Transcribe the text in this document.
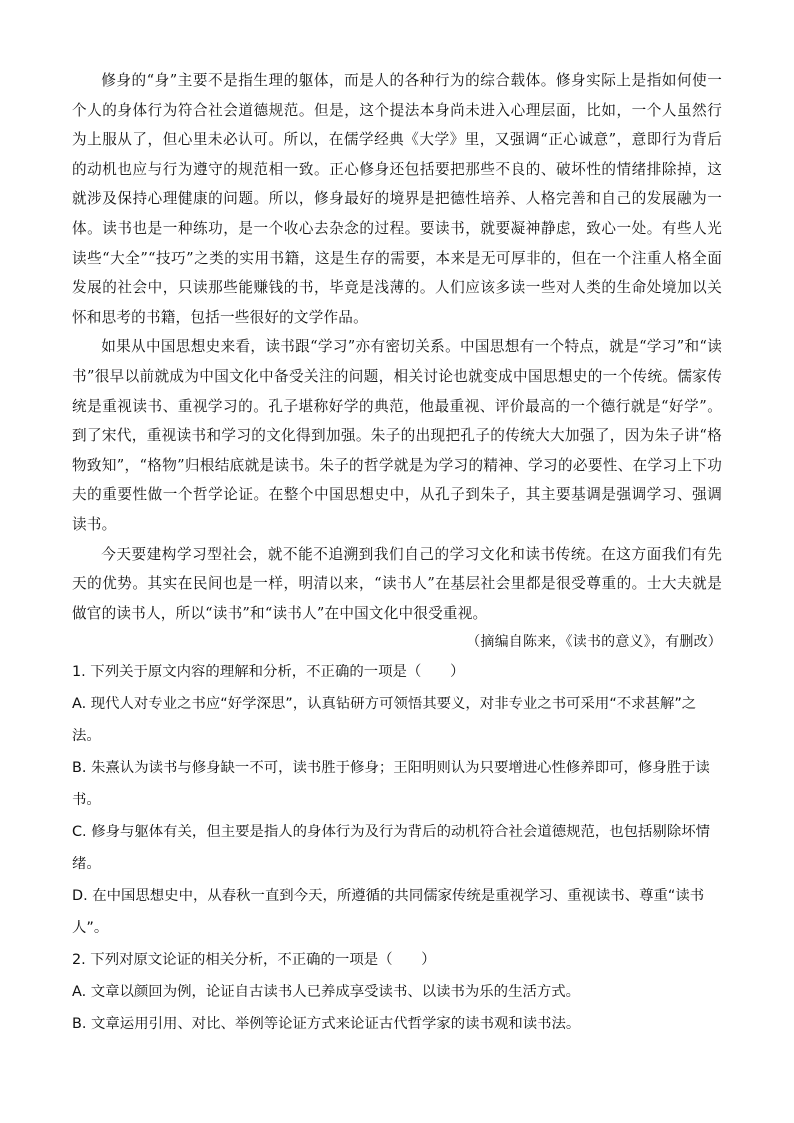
修身的“身”主要不是指生理的躯体，而是人的各种行为的综合载体。修身实际上是指如何使一个人的身体行为符合社会道德规范。但是，这个提法本身尚未进入心理层面，比如，一个人虽然行为上服从了，但心里未必认可。所以，在儒学经典《大学》里，又强调“正心诚意”，意即行为背后的动机也应与行为遵守的规范相一致。正心修身还包括要把那些不良的、破坏性的情绪排除掉，这就涉及保持心理健康的问题。所以，修身最好的境界是把德性培养、人格完善和自己的发展融为一体。读书也是一种练功，是一个收心去杂念的过程。要读书，就要凝神静虑，致心一处。有些人光读些“大全”“技巧”之类的实用书籍，这是生存的需要，本来是无可厚非的，但在一个注重人格全面发展的社会中，只读那些能赚钱的书，毕竟是浅薄的。人们应该多读一些对人类的生命处境加以关怀和思考的书籍，包括一些很好的文学作品。

如果从中国思想史来看，读书跟“学习”亦有密切关系。中国思想有一个特点，就是“学习”和“读书”很早以前就成为中国文化中备受关注的问题，相关讨论也就变成中国思想史的一个传统。儒家传统是重视读书、重视学习的。孔子堪称好学的典范，他最重视、评价最高的一个德行就是“好学”。到了宋代，重视读书和学习的文化得到加强。朱子的出现把孔子的传统大大加强了，因为朱子讲“格物致知”，“格物”归根结底就是读书。朱子的哲学就是为学习的精神、学习的必要性、在学习上下功夫的重要性做一个哲学论证。在整个中国思想史中，从孔子到朱子，其主要基调是强调学习、强调读书。

今天要建构学习型社会，就不能不追溯到我们自己的学习文化和读书传统。在这方面我们有先天的优势。其实在民间也是一样，明清以来，“读书人”在基层社会里都是很受尊重的。士大夫就是做官的读书人，所以“读书”和“读书人”在中国文化中很受重视。

（摘编自陈来，《读书的意义》，有删改）

1. 下列关于原文内容的理解和分析，不正确的一项是（　　）

A. 现代人对专业之书应“好学深思”，认真钻研方可领悟其要义，对非专业之书可采用“不求甚解”之法。

B. 朱熹认为读书与修身缺一不可，读书胜于修身；王阳明则认为只要增进心性修养即可，修身胜于读书。

C. 修身与躯体有关，但主要是指人的身体行为及行为背后的动机符合社会道德规范，也包括剔除坏情绪。

D. 在中国思想史中，从春秋一直到今天，所遵循的共同儒家传统是重视学习、重视读书、尊重“读书人”。

2. 下列对原文论证的相关分析，不正确的一项是（　　）

A. 文章以颜回为例，论证自古读书人已养成享受读书、以读书为乐的生活方式。

B. 文章运用引用、对比、举例等论证方式来论证古代哲学家的读书观和读书法。
